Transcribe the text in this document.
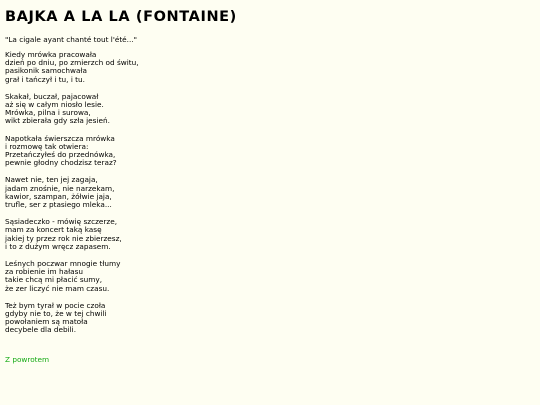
BAJKA A LA LA (FONTAINE)

"La cigale ayant chanté tout l'été..."

Kiedy mrówka pracowała
dzień po dniu, po zmierzch od świtu,
pasikonik samochwała
grał i tańczył i tu, i tu.
Skakał, buczał, pajacował
aż się w całym niosło lesie.
Mrówka, pilna i surowa,
wikt zbierała gdy szła jesień.
Napotkała świerszcza mrówka
i rozmowę tak otwiera:
Przetańczyłeś do przednówka,
pewnie głodny chodzisz teraz?
Nawet nie, ten jej zagaja,
jadam znośnie, nie narzekam,
kawior, szampan, żółwie jaja,
trufle, ser z ptasiego mleka...
Sąsiadeczko - mówię szczerze,
mam za koncert taką kasę
jakiej ty przez rok nie zbierzesz,
i to z dużym wręcz zapasem.
Leśnych poczwar mnogie tłumy
za robienie im hałasu
takie chcą mi płacić sumy,
że zer liczyć nie mam czasu.
Też bym tyrał w pocie czoła
gdyby nie to, że w tej chwili
powołaniem są matoła
decybele dla debili.
Z powrotem
